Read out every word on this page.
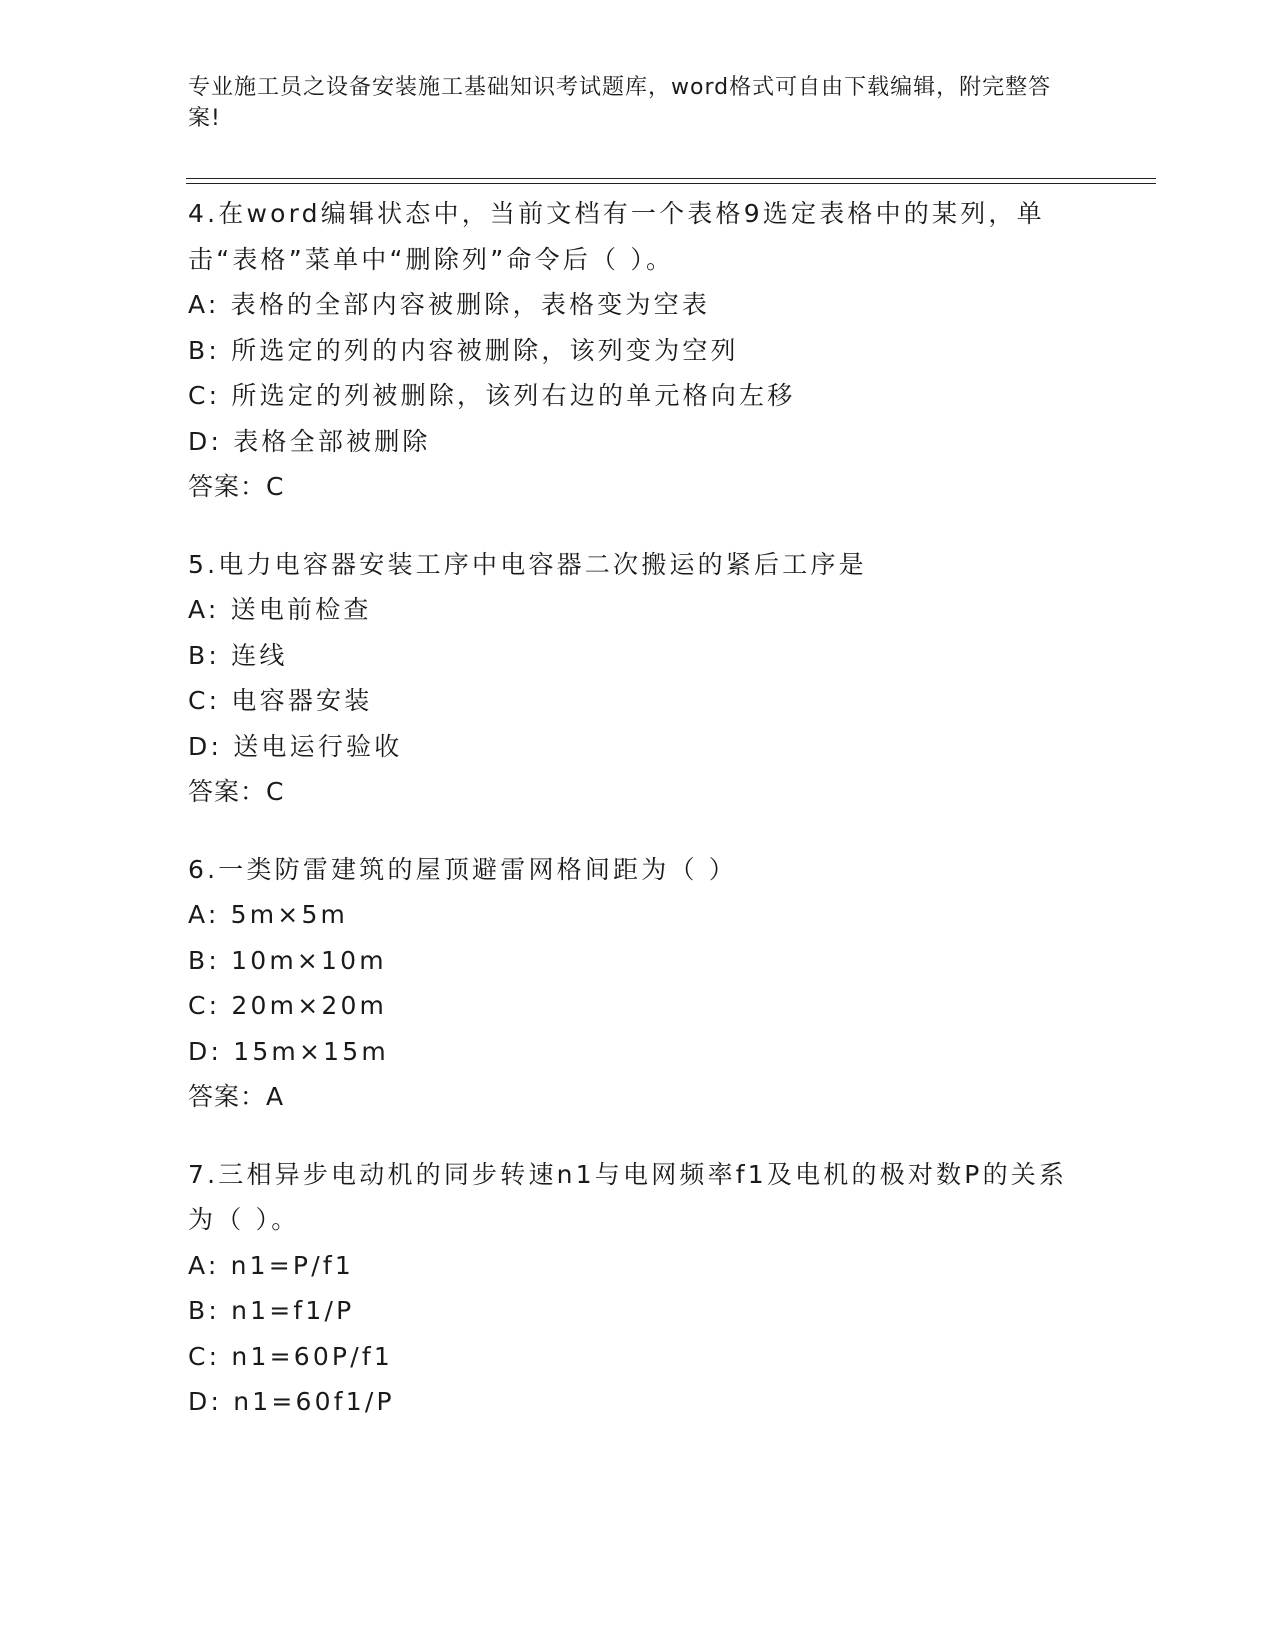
专业施工员之设备安装施工基础知识考试题库，word格式可自由下载编辑，附完整答案!
4.在word编辑状态中，当前文档有一个表格9选定表格中的某列，单击“表格”菜单中“删除列”命令后（ ）。
A: 表格的全部内容被删除，表格变为空表
B: 所选定的列的内容被删除，该列变为空列
C: 所选定的列被删除，该列右边的单元格向左移
D: 表格全部被删除
答案：C
5.电力电容器安装工序中电容器二次搬运的紧后工序是
A: 送电前检查
B: 连线
C: 电容器安装
D: 送电运行验收
答案：C
6.一类防雷建筑的屋顶避雷网格间距为（ ）
A: 5m×5m
B: 10m×10m
C: 20m×20m
D: 15m×15m
答案：A
7.三相异步电动机的同步转速n1与电网频率f1及电机的极对数P的关系为（ ）。
A: n1=P/f1
B: n1=f1/P
C: n1=60P/f1
D: n1=60f1/P
